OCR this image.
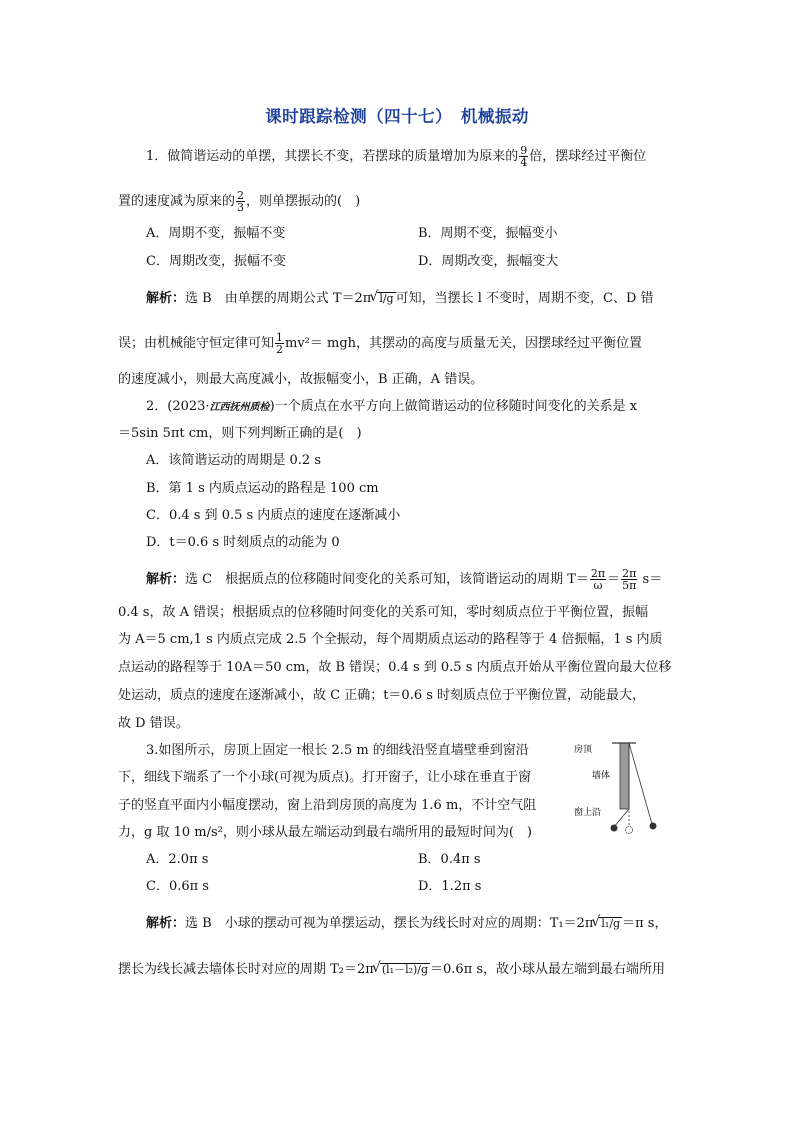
课时跟踪检测（四十七）　机械振动
1．做简谐运动的单摆，其摆长不变，若摆球的质量增加为原来的 $\frac{9}{4}$ 倍，摆球经过平衡位
置的速度减为原来的 $\frac{2}{3}$ ，则单摆振动的(　)
A．周期不变，振幅不变	B．周期不变，振幅变小
C．周期改变，振幅不变	D．周期改变，振幅变大
解析：选 B　由单摆的周期公式 T＝2π √ l/g 可知，当摆长 l 不变时，周期不变，C、D 错
误；由机械能守恒定律可知 $\frac{1}{2} mv^2=$ mgh，其摆动的高度与质量无关，因摆球经过平衡位置
的速度减小，则最大高度减小，故振幅变小，B 正确，A 错误。
2．(2023·江西抚州质检)一个质点在水平方向上做简谐运动的位移随时间变化的关系是 x
＝5sin 5πt cm，则下列判断正确的是(　)
A．该简谐运动的周期是 0.2 s
B．第 1 s 内质点运动的路程是 100 cm
C．0.4 s 到 0.5 s 内质点的速度在逐渐减小
D．t＝0.6 s 时刻质点的动能为 0
解析：选 C　根据质点的位移随时间变化的关系可知，该简谐运动的周期 $T= \frac{2\pi}{\omega} = \frac{2\pi}{5\pi} s=$
0.4 s，故 A 错误；根据质点的位移随时间变化的关系可知，零时刻质点位于平衡位置，振幅
为 A＝5 cm,1 s 内质点完成 2.5 个全振动，每个周期质点运动的路程等于 4 倍振幅，1 s 内质
点运动的路程等于 10A＝50 cm，故 B 错误；0.4 s 到 0.5 s 内质点开始从平衡位置向最大位移
处运动，质点的速度在逐渐减小，故 C 正确；t＝0.6 s 时刻质点位于平衡位置，动能最大，
故 D 错误。
3.如图所示，房顶上固定一根长 2.5 m 的细线沿竖直墙壁垂到窗沿
下，细线下端系了一个小球(可视为质点)。打开窗子，让小球在垂直于窗
子的竖直平面内小幅度摆动，窗上沿到房顶的高度为 1.6 m，不计空气阻
力，g 取 10 m/s²，则小球从最左端运动到最右端所用的最短时间为(　)
房顶
墙体
窗上沿
A．2.0π s	B．0.4π s
C．0.6π s	D．1.2π s
解析：选 B　小球的摆动可视为单摆运动，摆长为线长时对应的周期：T₁＝2π √ l₁/g ＝π s，
摆长为线长减去墙体长时对应的周期 T₂＝2π √ (l₁－l₂)/g ＝0.6π s，故小球从最左端到最右端所用
